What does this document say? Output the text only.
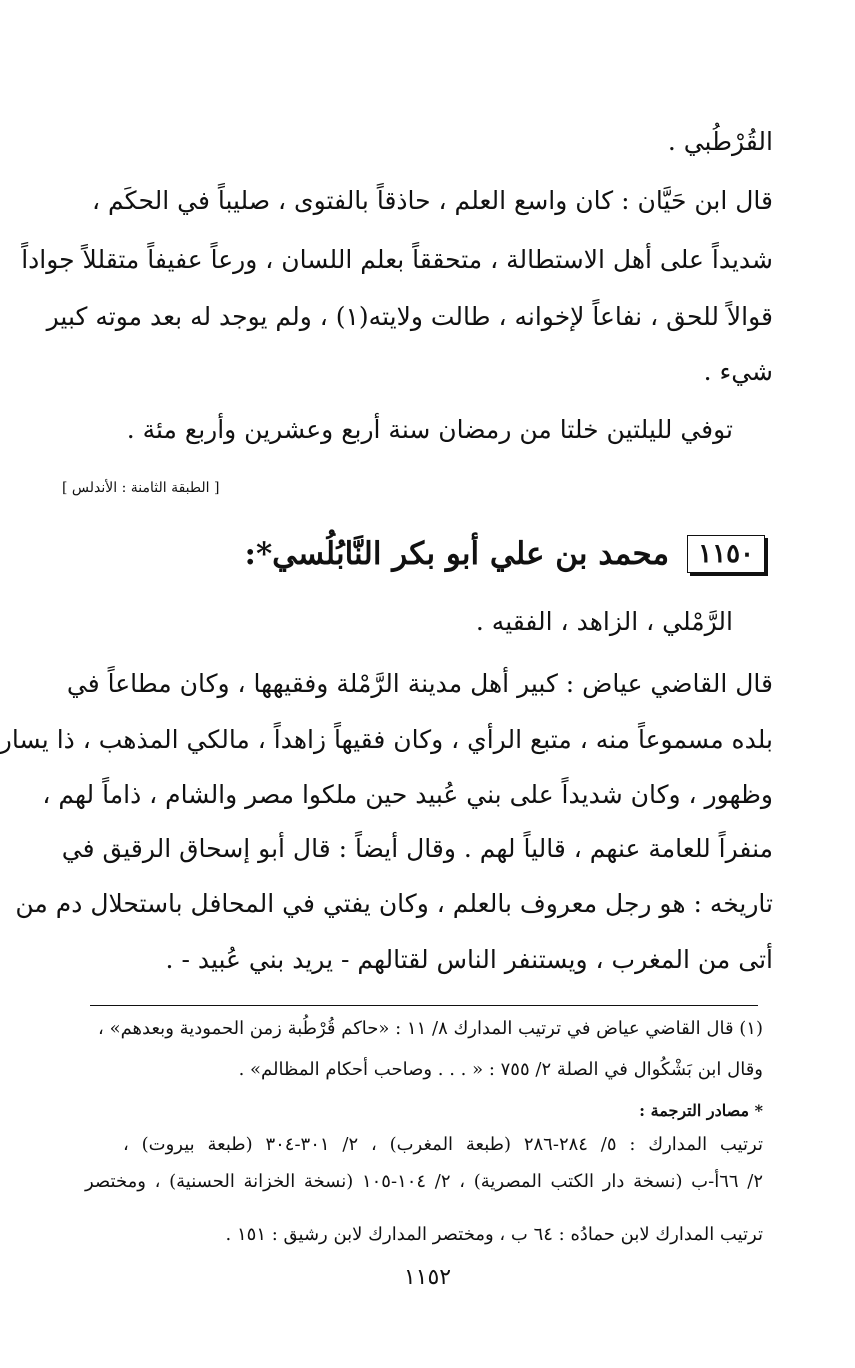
القُرْطُبي .
قال ابن حَيَّان : كان واسع العلم ، حاذقاً بالفتوى ، صليباً في الحكَم ،
شديداً على أهل الاستطالة ، متحققاً بعلم اللسان ، ورعاً عفيفاً متقللاً جواداً
قوالاً للحق ، نفاعاً لإخوانه ، طالت ولايته(١) ، ولم يوجد له بعد موته كبير
شيء .
توفي لليلتين خلتا من رمضان سنة أربع وعشرين وأربع مئة .
[ الطبقة الثامنة : الأندلس ]
١١٥٠
محمد بن علي أبو بكر النَّابُلُسي*:
الرَّمْلي ، الزاهد ، الفقيه .
قال القاضي عياض : كبير أهل مدينة الرَّمْلة وفقيهها ، وكان مطاعاً في
بلده مسموعاً منه ، متبع الرأي ، وكان فقيهاً زاهداً ، مالكي المذهب ، ذا يسار
وظهور ، وكان شديداً على بني عُبيد حين ملكوا مصر والشام ، ذاماً لهم ،
منفراً للعامة عنهم ، قالياً لهم . وقال أيضاً : قال أبو إسحاق الرقيق في
تاريخه : هو رجل معروف بالعلم ، وكان يفتي في المحافل باستحلال دم من
أتى من المغرب ، ويستنفر الناس لقتالهم - يريد بني عُبيد - .
(١) قال القاضي عياض في ترتيب المدارك ٨/ ١١ : «حاكم قُرْطُبة زمن الحمودية وبعدهم» ،
وقال ابن بَشْكُوال في الصلة ٢/ ٧٥٥ : « . . . وصاحب أحكام المظالم» .
* مصادر الترجمة :
ترتيب المدارك : ٥/ ٢٨٤-٢٨٦ (طبعة المغرب) ، ٢/ ٣٠١-٣٠٤ (طبعة بيروت) ،
٢/ ٦٦أ-ب (نسخة دار الكتب المصرية) ، ٢/ ١٠٤-١٠٥ (نسخة الخزانة الحسنية) ، ومختصر
ترتيب المدارك لابن حمادُه : ٦٤ ب ، ومختصر المدارك لابن رشيق : ١٥١ .
١١٥٢
